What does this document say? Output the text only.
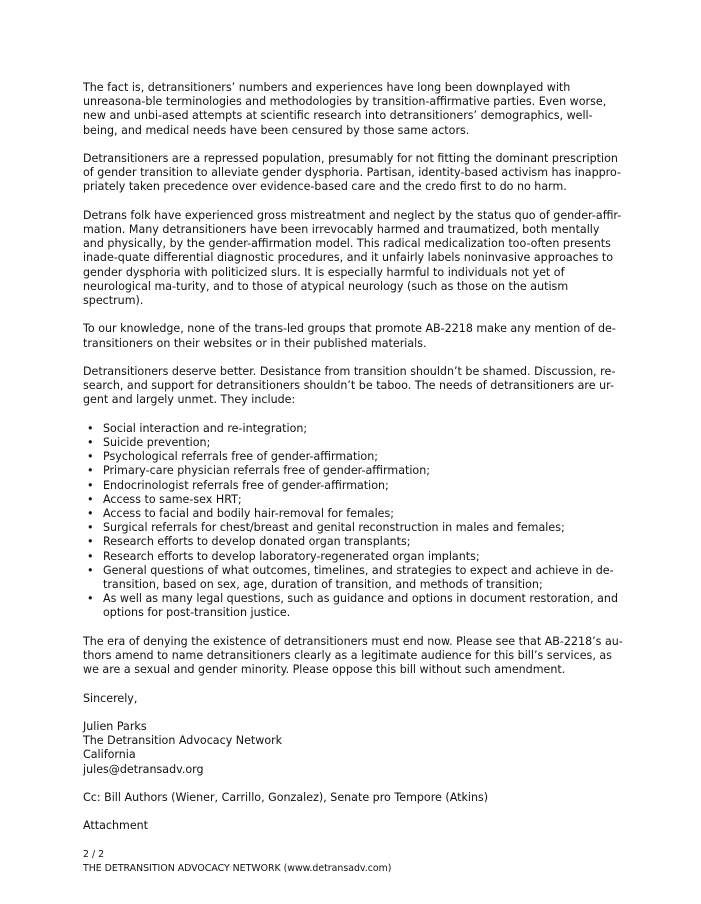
The fact is, detransitioners’ numbers and experiences have long been downplayed with unreasona-ble terminologies and methodologies by transition-affirmative parties. Even worse, new and unbi-ased attempts at scientific research into detransitioners’ demographics, well-being, and medical needs have been censured by those same actors.

Detransitioners are a repressed population, presumably for not fitting the dominant prescription of gender transition to alleviate gender dysphoria. Partisan, identity-based activism has inappro-priately taken precedence over evidence-based care and the credo first to do no harm.

Detrans folk have experienced gross mistreatment and neglect by the status quo of gender-affir-mation. Many detransitioners have been irrevocably harmed and traumatized, both mentally and physically, by the gender-affirmation model. This radical medicalization too-often presents inade-quate differential diagnostic procedures, and it unfairly labels noninvasive approaches to gender dysphoria with politicized slurs. It is especially harmful to individuals not yet of neurological ma-turity, and to those of atypical neurology (such as those on the autism spectrum).

To our knowledge, none of the trans-led groups that promote AB-2218 make any mention of de-transitioners on their websites or in their published materials.

Detransitioners deserve better. Desistance from transition shouldn’t be shamed. Discussion, re-search, and support for detransitioners shouldn’t be taboo. The needs of detransitioners are ur-gent and largely unmet. They include:

• Social interaction and re-integration;
• Suicide prevention;
• Psychological referrals free of gender-affirmation;
• Primary-care physician referrals free of gender-affirmation;
• Endocrinologist referrals free of gender-affirmation;
• Access to same-sex HRT;
• Access to facial and bodily hair-removal for females;
• Surgical referrals for chest/breast and genital reconstruction in males and females;
• Research efforts to develop donated organ transplants;
• Research efforts to develop laboratory-regenerated organ implants;
• General questions of what outcomes, timelines, and strategies to expect and achieve in de-transition, based on sex, age, duration of transition, and methods of transition;
• As well as many legal questions, such as guidance and options in document restoration, and options for post-transition justice.

The era of denying the existence of detransitioners must end now. Please see that AB-2218’s au-thors amend to name detransitioners clearly as a legitimate audience for this bill’s services, as we are a sexual and gender minority. Please oppose this bill without such amendment.

Sincerely,

Julien Parks
The Detransition Advocacy Network
California
jules@detransadv.org

Cc: Bill Authors (Wiener, Carrillo, Gonzalez), Senate pro Tempore (Atkins)

Attachment

2 / 2
THE DETRANSITION ADVOCACY NETWORK (www.detransadv.com)
